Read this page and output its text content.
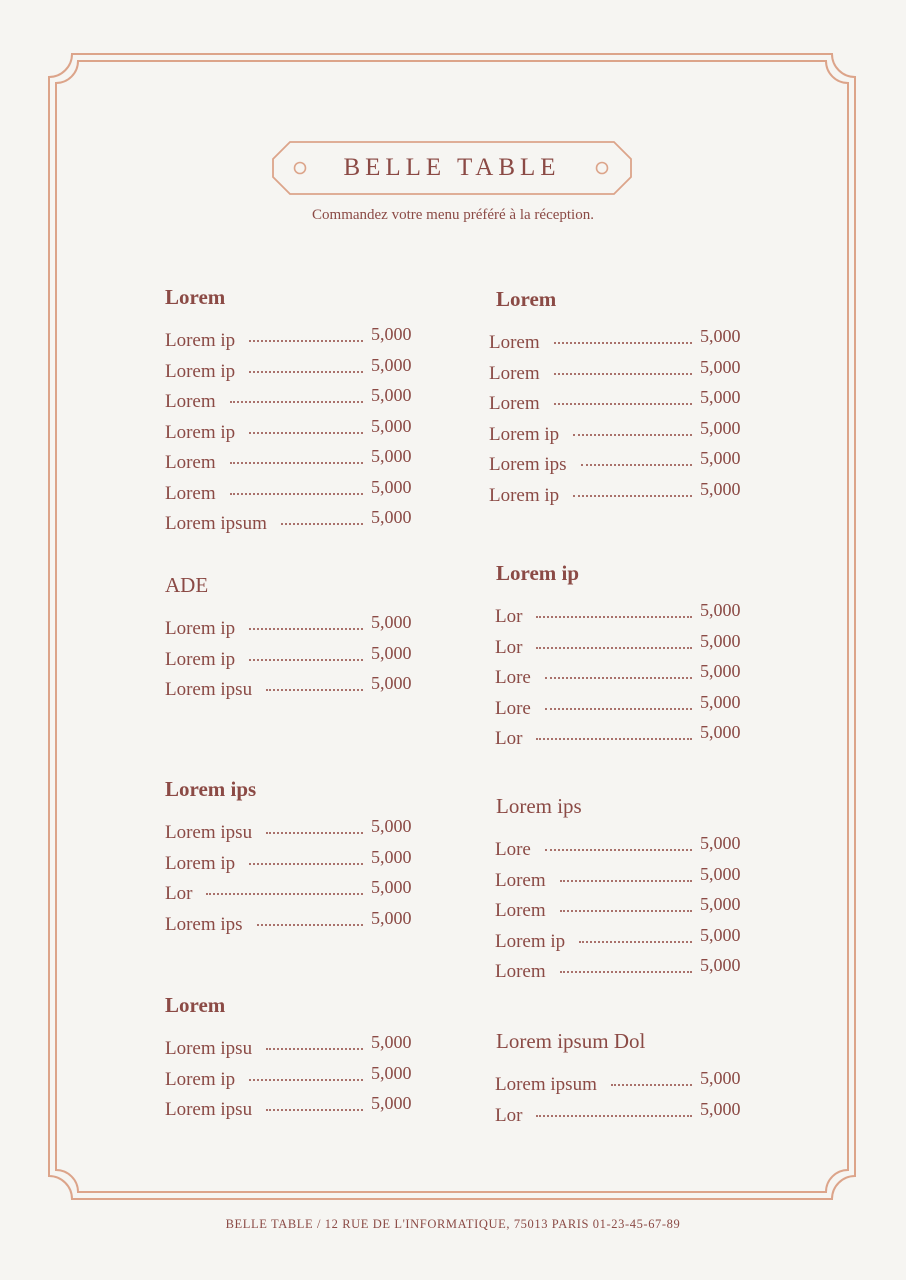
BELLE TABLE
Commandez votre menu préféré à la réception.
Lorem
Lorem ip	5,000
Lorem ip	5,000
Lorem	5,000
Lorem ip	5,000
Lorem	5,000
Lorem	5,000
Lorem ipsum	5,000
ADE
Lorem ip	5,000
Lorem ip	5,000
Lorem ipsu	5,000
Lorem ips
Lorem ipsu	5,000
Lorem ip	5,000
Lor	5,000
Lorem ips	5,000
Lorem
Lorem ipsu	5,000
Lorem ip	5,000
Lorem ipsu	5,000
Lorem
Lorem	5,000
Lorem	5,000
Lorem	5,000
Lorem ip	5,000
Lorem ips	5,000
Lorem ip	5,000
Lorem ip
Lor	5,000
Lor	5,000
Lore	5,000
Lore	5,000
Lor	5,000
Lorem ips
Lore	5,000
Lorem	5,000
Lorem	5,000
Lorem ip	5,000
Lorem	5,000
Lorem ipsum Dol
Lorem ipsum	5,000
Lor	5,000
BELLE TABLE / 12 RUE DE L'INFORMATIQUE, 75013 PARIS 01-23-45-67-89
